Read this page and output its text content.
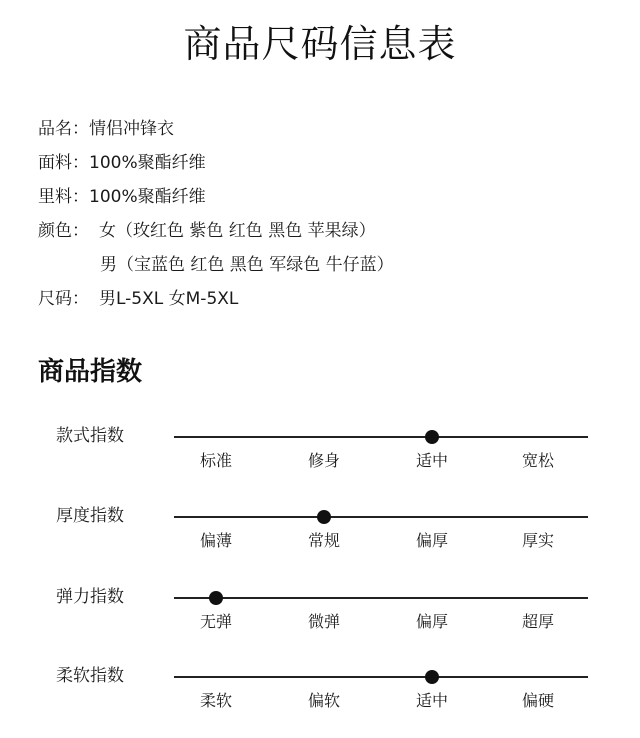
商品尺码信息表
品名：情侣冲锋衣
面料：100%聚酯纤维
里料：100%聚酯纤维
颜色： 女（玫红色 紫色 红色 黑色 苹果绿）
男（宝蓝色 红色 黑色 军绿色 牛仔蓝）
尺码： 男L-5XL 女M-5XL
商品指数
款式指数
标准	修身	适中	宽松
厚度指数
偏薄	常规	偏厚	厚实
弹力指数
无弹	微弹	偏厚	超厚
柔软指数
柔软	偏软	适中	偏硬
